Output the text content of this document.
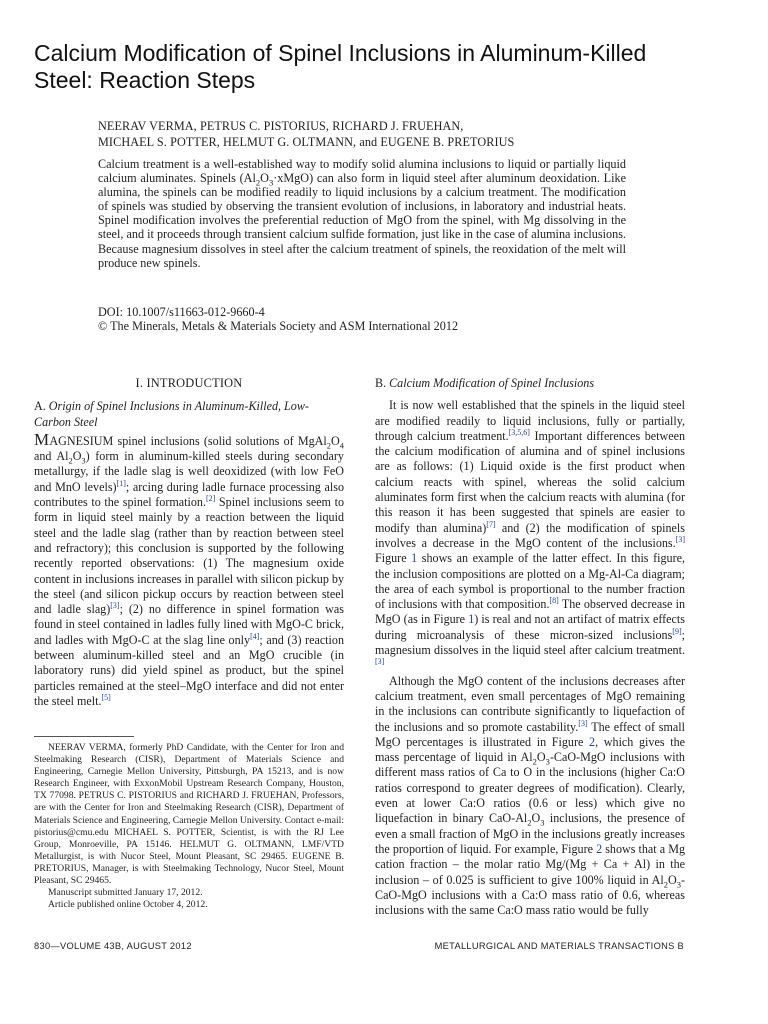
Calcium Modification of Spinel Inclusions in Aluminum-Killed
Steel: Reaction Steps
NEERAV VERMA, PETRUS C. PISTORIUS, RICHARD J. FRUEHAN,
MICHAEL S. POTTER, HELMUT G. OLTMANN, and EUGENE B. PRETORIUS

Calcium treatment is a well-established way to modify solid alumina inclusions to liquid or partially liquid calcium aluminates. Spinels $(Al_2O_3\cdot xMgO)$ can also form in liquid steel after aluminum deoxidation. Like alumina, the spinels can be modified readily to liquid inclusions by a calcium treatment. The modification of spinels was studied by observing the transient evolution of inclusions, in laboratory and industrial heats. Spinel modification involves the preferential reduction of MgO from the spinel, with Mg dissolving in the steel, and it proceeds through transient calcium sulfide formation, just like in the case of alumina inclusions. Because magnesium dissolves in steel after the calcium treatment of spinels, the reoxidation of the melt will produce new spinels.

DOI: 10.1007/s11663-012-9660-4
© The Minerals, Metals & Materials Society and ASM International 2012
I. INTRODUCTION
A. Origin of Spinel Inclusions in Aluminum-Killed, Low-Carbon Steel

MAGNESIUM spinel inclusions (solid solutions of $MgAl_2O_4$ and $Al_2O_3$) form in aluminum-killed steels during secondary metallurgy, if the ladle slag is well deoxidized (with low FeO and MnO levels)[1]; arcing during ladle furnace processing also contributes to the spinel formation.[2] Spinel inclusions seem to form in liquid steel mainly by a reaction between the liquid steel and the ladle slag (rather than by reaction between steel and refractory); this conclusion is supported by the following recently reported observations: (1) The magnesium oxide content in inclusions increases in parallel with silicon pickup by the steel (and silicon pickup occurs by reaction between steel and ladle slag)[3]; (2) no difference in spinel formation was found in steel contained in ladles fully lined with MgO-C brick, and ladles with MgO-C at the slag line only[4]; and (3) reaction between aluminum-killed steel and an MgO crucible (in laboratory runs) did yield spinel as product, but the spinel particles remained at the steel–MgO interface and did not enter the steel melt.[5]

NEERAV VERMA, formerly PhD Candidate, with the Center for Iron and Steelmaking Research (CISR), Department of Materials Science and Engineering, Carnegie Mellon University, Pittsburgh, PA 15213, and is now Research Engineer, with ExxonMobil Upstream Research Company, Houston, TX 77098. PETRUS C. PISTORIUS and RICHARD J. FRUEHAN, Professors, are with the Center for Iron and Steelmaking Research (CISR), Department of Materials Science and Engineering, Carnegie Mellon University. Contact e-mail: pistorius@cmu.edu MICHAEL S. POTTER, Scientist, is with the RJ Lee Group, Monroeville, PA 15146. HELMUT G. OLTMANN, LMF/VTD Metallurgist, is with Nucor Steel, Mount Pleasant, SC 29465. EUGENE B. PRETORIUS, Manager, is with Steelmaking Technology, Nucor Steel, Mount Pleasant, SC 29465.
Manuscript submitted January 17, 2012.
Article published online October 4, 2012.

B. Calcium Modification of Spinel Inclusions

It is now well established that the spinels in the liquid steel are modified readily to liquid inclusions, fully or partially, through calcium treatment.[3,5,6] Important differences between the calcium modification of alumina and of spinel inclusions are as follows: (1) Liquid oxide is the first product when calcium reacts with spinel, whereas the solid calcium aluminates form first when the calcium reacts with alumina (for this reason it has been suggested that spinels are easier to modify than alumina)[7] and (2) the modification of spinels involves a decrease in the MgO content of the inclusions.[3] Figure 1 shows an example of the latter effect. In this figure, the inclusion compositions are plotted on a Mg-Al-Ca diagram; the area of each symbol is proportional to the number fraction of inclusions with that composition.[8] The observed decrease in MgO (as in Figure 1) is real and not an artifact of matrix effects during microanalysis of these micron-sized inclusions[9]; magnesium dissolves in the liquid steel after calcium treatment.[3]

Although the MgO content of the inclusions decreases after calcium treatment, even small percentages of MgO remaining in the inclusions can contribute significantly to liquefaction of the inclusions and so promote castability.[3] The effect of small MgO percentages is illustrated in Figure 2, which gives the mass percentage of liquid in $Al_2O_3-CaO$-MgO inclusions with different mass ratios of Ca to O in the inclusions (higher Ca:O ratios correspond to greater degrees of modification). Clearly, even at lower Ca:O ratios (0.6 or less) which give no liquefaction in binary CaO-$Al_2O_3$ inclusions, the presence of even a small fraction of MgO in the inclusions greatly increases the proportion of liquid. For example, Figure 2 shows that a Mg cation fraction – the molar ratio Mg/(Mg + Ca + Al) in the inclusion – of 0.025 is sufficient to give 100% liquid in $Al_2O_3-CaO$-MgO inclusions with a Ca:O mass ratio of 0.6, whereas inclusions with the same Ca:O mass ratio would be fully

830—VOLUME 43B, AUGUST 2012	METALLURGICAL AND MATERIALS TRANSACTIONS B
